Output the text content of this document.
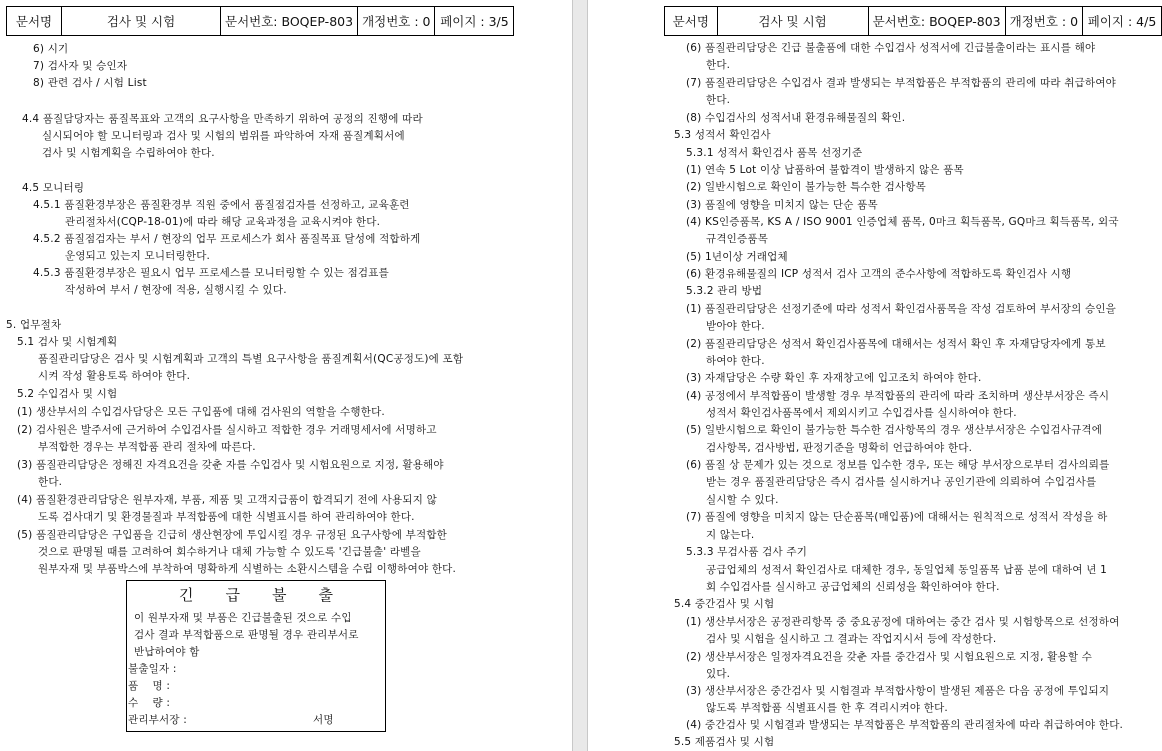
문서명	검사 및 시험	문서번호: BOQEP-803	개정번호 : 0	페이지 : 3/5
6) 시기
7) 검사자 및 승인자
8) 관련 검사 / 시험 List
4.4 품질담당자는 품질목표와 고객의 요구사항을 만족하기 위하여 공정의 진행에 따라
실시되어야 할 모니터링과 검사 및 시험의 범위를 파악하여 자재 품질계획서에
검사 및 시험계획을 수립하여야 한다.
4.5 모니터링
4.5.1 품질환경부장은 품질환경부 직원 중에서 품질점검자를 선정하고, 교육훈련
관리절차서(CQP-18-01)에 따라 해당 교육과정을 교육시켜야 한다.
4.5.2 품질점검자는 부서 / 현장의 업무 프로세스가 회사 품질목표 달성에 적합하게
운영되고 있는지 모니터링한다.
4.5.3 품질환경부장은 필요시 업무 프로세스를 모니터링할 수 있는 점검표를
작성하여 부서 / 현장에 적용, 실행시킬 수 있다.
5. 업무절차
5.1 검사 및 시험계획
품질관리담당은 검사 및 시험계획과 고객의 특별 요구사항을 품질계획서(QC공정도)에 포함
시켜 작성 활용토록 하여야 한다.
5.2 수입검사 및 시험
(1) 생산부서의 수입검사담당은 모든 구입품에 대해 검사원의 역할을 수행한다.
(2) 검사원은 발주서에 근거하여 수입검사를 실시하고 적합한 경우 거래명세서에 서명하고
부적합한 경우는 부적합품 관리 절차에 따른다.
(3) 품질관리담당은 정해진 자격요건을 갖춘 자를 수입검사 및 시험요원으로 지정, 활용해야
한다.
(4) 품질환경관리담당은 원부자재, 부품, 제품 및 고객지급품이 합격되기 전에 사용되지 않
도록 검사대기 및 환경물질과 부적합품에 대한 식별표시를 하여 관리하여야 한다.
(5) 품질관리담당은 구입품을 긴급히 생산현장에 투입시킬 경우 규정된 요구사항에 부적합한
것으로 판명될 때를 고려하여 회수하거나 대체 가능할 수 있도록 '긴급불출' 라벨을
원부자재 및 부품박스에 부착하여 명확하게 식별하는 소환시스템을 수립 이행하여야 한다.
긴급불출
이 원부자재 및 부품은 긴급불출된 것으로 수입
검사 결과 부적합품으로 판명될 경우 관리부서로
반납하여야 함
불출일자 :
품    명 :
수    량 :
관리부서장 :	서명
문서명	검사 및 시험	문서번호: BOQEP-803	개정번호 : 0	페이지 : 4/5
(6) 품질관리담당은 긴급 불출품에 대한 수입검사 성적서에 긴급불출이라는 표시를 해야
한다.
(7) 품질관리담당은 수입검사 결과 발생되는 부적합품은 부적합품의 관리에 따라 취급하여야
한다.
(8) 수입검사의 성적서내 환경유해물질의 확인.
5.3 성적서 확인검사
5.3.1 성적서 확인검사 품목 선정기준
(1) 연속 5 Lot 이상 납품하여 불합격이 발생하지 않은 품목
(2) 일반시험으로 확인이 불가능한 특수한 검사항목
(3) 품질에 영향을 미치지 않는 단순 품목
(4) KS인증품목, KS A / ISO 9001 인증업체 품목, 0마크 획득품목, GQ마크 획득품목, 외국
규격인증품목
(5) 1년이상 거래업체
(6) 환경유해물질의 ICP 성적서 검사 고객의 준수사항에 적합하도록 확인검사 시행
5.3.2 관리 방법
(1) 품질관리담당은 선정기준에 따라 성적서 확인검사품목을 작성 검토하여 부서장의 승인을
받아야 한다.
(2) 품질관리담당은 성적서 확인검사품목에 대해서는 성적서 확인 후 자재담당자에게 통보
하여야 한다.
(3) 자재담당은 수량 확인 후 자재창고에 입고조치 하여야 한다.
(4) 공정에서 부적합품이 발생할 경우 부적합품의 관리에 따라 조치하며 생산부서장은 즉시
성적서 확인검사품목에서 제외시키고 수입검사를 실시하여야 한다.
(5) 일반시험으로 확인이 불가능한 특수한 검사항목의 경우 생산부서장은 수입검사규격에
검사항목, 검사방법, 판정기준을 명확히 언급하여야 한다.
(6) 품질 상 문제가 있는 것으로 정보를 입수한 경우, 또는 해당 부서장으로부터 검사의뢰를
받는 경우 품질관리담당은 즉시 검사를 실시하거나 공인기관에 의뢰하여 수입검사를
실시할 수 있다.
(7) 품질에 영향을 미치지 않는 단순품목(매입품)에 대해서는 원칙적으로 성적서 작성을 하
지 않는다.
5.3.3 무검사품 검사 주기
공급업체의 성적서 확인검사로 대체한 경우, 동일업체 동일품목 납품 분에 대하여 년 1
회 수입검사를 실시하고 공급업체의 신뢰성을 확인하여야 한다.
5.4 중간검사 및 시험
(1) 생산부서장은 공정관리항목 중 중요공정에 대하여는 중간 검사 및 시험항목으로 선정하여
검사 및 시험을 실시하고 그 결과는 작업지시서 등에 작성한다.
(2) 생산부서장은 일정자격요건을 갖춘 자를 중간검사 및 시험요원으로 지정, 활용할 수
있다.
(3) 생산부서장은 중간검사 및 시험결과 부적합사항이 발생된 제품은 다음 공정에 투입되지
않도록 부적합품 식별표시를 한 후 격리시켜야 한다.
(4) 중간검사 및 시험결과 발생되는 부적합품은 부적합품의 관리절차에 따라 취급하여야 한다.
5.5 제품검사 및 시험
